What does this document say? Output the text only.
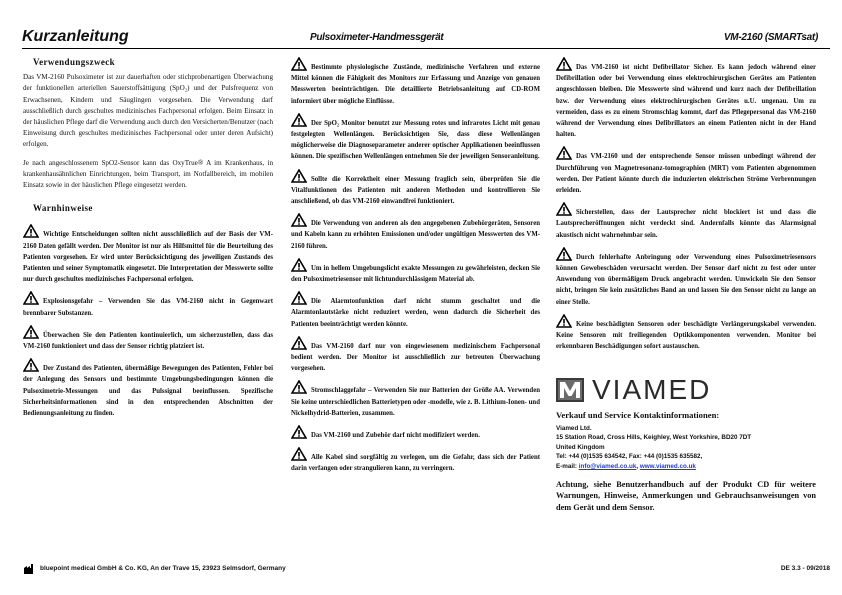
Kurzanleitung	Pulsoximeter-Handmessgerät	VM-2160 (SMARTsat)
Verwendungszweck

Das VM-2160 Pulsoximeter ist zur dauerhaften oder stichprobenartigen Überwachung der funktionellen arteriellen Sauerstoffsättigung (SpO₂) und der Pulsfrequenz von Erwachsenen, Kindern und Säuglingen vorgesehen. Die Verwendung darf ausschließlich durch geschultes medizinisches Fachpersonal erfolgen. Beim Einsatz in der häuslichen Pflege darf die Verwendung auch durch den Versicherten/Benutzer (nach Einweisung durch geschultes medizinisches Fachpersonal oder unter deren Aufsicht) erfolgen.

Je nach angeschlossenem SpO2-Sensor kann das OxyTrue® A im Krankenhaus, in krankenhausähnlichen Einrichtungen, beim Transport, im Notfallbereich, im mobilen Einsatz sowie in der häuslichen Pflege eingesetzt werden.

Warnhinweise
Wichtige Entscheidungen sollten nicht ausschließlich auf der Basis der VM-2160 Daten gefällt werden. Der Monitor ist nur als Hilfsmittel für die Beurteilung des Patienten vorgesehen. Er wird unter Berücksichtigung des jeweiligen Zustands des Patienten und seiner Symptomatik eingesetzt. Die Interpretation der Messwerte sollte nur durch geschultes medizinisches Fachpersonal erfolgen.
Explosionsgefahr – Verwenden Sie das VM-2160 nicht in Gegenwart brennbarer Substanzen.
Überwachen Sie den Patienten kontinuierlich, um sicherzustellen, dass das VM-2160 funktioniert und dass der Sensor richtig platziert ist.
Der Zustand des Patienten, übermäßige Bewegungen des Patienten, Fehler bei der Anlegung des Sensors und bestimmte Umgebungsbedingungen können die Pulsoximetrie-Messungen und das Pulssignal beeinflussen. Spezifische Sicherheitsinformationen sind in den entsprechenden Abschnitten der Bedienungsanleitung zu finden.
Bestimmte physiologische Zustände, medizinische Verfahren und externe Mittel können die Fähigkeit des Monitors zur Erfassung und Anzeige von genauen Messwerten beeinträchtigen. Die detaillierte Betriebsanleitung auf CD-ROM informiert über mögliche Einflüsse.
Der SpO₂ Monitor benutzt zur Messung rotes und infrarotes Licht mit genau festgelegten Wellenlängen. Berücksichtigen Sie, dass diese Wellenlängen möglicherweise die Diagnoseparameter anderer optischer Applikationen beeinflussen können. Die spezifischen Wellenlängen entnehmen Sie der jeweiligen Sensoranleitung.
Sollte die Korrektheit einer Messung fraglich sein, überprüfen Sie die Vitalfunktionen des Patienten mit anderen Methoden und kontrollieren Sie anschließend, ob das VM-2160 einwandfrei funktioniert.
Die Verwendung von anderen als den angegebenen Zubehörgeräten, Sensoren und Kabeln kann zu erhöhten Emissionen und/oder ungültigen Messwerten des VM-2160 führen.
Um in hellem Umgebungslicht exakte Messungen zu gewährleisten, decken Sie den Pulsoximetriesensor mit lichtundurchlässigem Material ab.
Die Alarmtonfunktion darf nicht stumm geschaltet und die Alarmtonlautstärke nicht reduziert werden, wenn dadurch die Sicherheit des Patienten beeinträchtigt werden könnte.
Das VM-2160 darf nur von eingewiesenem medizinischem Fachpersonal bedient werden. Der Monitor ist ausschließlich zur betreuten Überwachung vorgesehen.
Stromschlaggefahr – Verwenden Sie nur Batterien der Größe AA. Verwenden Sie keine unterschiedlichen Batterietypen oder -modelle, wie z. B. Lithium-Ionen- und Nickelhydrid-Batterien, zusammen.
Das VM-2160 und Zubehör darf nicht modifiziert werden.
Alle Kabel sind sorgfältig zu verlegen, um die Gefahr, dass sich der Patient darin verfangen oder strangulieren kann, zu verringern.
Das VM-2160 ist nicht Defibrillator Sicher. Es kann jedoch während einer Defibrillation oder bei Verwendung eines elektrochirurgischen Gerätes am Patienten angeschlossen bleiben. Die Messwerte sind während und kurz nach der Defibrillation bzw. der Verwendung eines elektrochirurgischen Gerätes u.U. ungenau. Um zu vermeiden, dass es zu einem Stromschlag kommt, darf das Pflegepersonal das VM-2160 während der Verwendung eines Defibrillators an einem Patienten nicht in der Hand halten.
Das VM-2160 und der entsprechende Sensor müssen unbedingt während der Durchführung von Magnetresonanz-tomographien (MRT) vom Patienten abgenommen werden. Der Patient könnte durch die induzierten elektrischen Ströme Verbrennungen erleiden.
Sicherstellen, dass der Lautsprecher nicht blockiert ist und dass die Lautsprecheröffnungen nicht verdeckt sind. Andernfalls könnte das Alarmsignal akustisch nicht wahrnehmbar sein.
Durch fehlerhafte Anbringung oder Verwendung eines Pulsoximetriesensors können Gewebeschäden verursacht werden. Der Sensor darf nicht zu fest oder unter Anwendung von übermäßigem Druck angebracht werden. Umwickeln Sie den Sensor nicht, bringen Sie kein zusätzliches Band an und lassen Sie den Sensor nicht zu lange an einer Stelle.
Keine beschädigten Sensoren oder beschädigte Verlängerungskabel verwenden. Keine Sensoren mit freiliegenden Optikkomponenten verwenden. Monitor bei erkennbaren Beschädigungen sofort austauschen.
VIAMED
Verkauf und Service Kontaktinformationen:
Viamed Ltd.
15 Station Road, Cross Hills, Keighley, West Yorkshire, BD20 7DT
United Kingdom
Tel: +44 (0)1535 634542, Fax: +44 (0)1535 635582,
E-mail: info@viamed.co.uk, www.viamed.co.uk
Achtung, siehe Benutzerhandbuch auf der Produkt CD für weitere Warnungen, Hinweise, Anmerkungen und Gebrauchsanweisungen von dem Gerät und dem Sensor.
bluepoint medical GmbH & Co. KG, An der Trave 15, 23923 Selmsdorf, Germany	DE 3.3 - 09/2018
